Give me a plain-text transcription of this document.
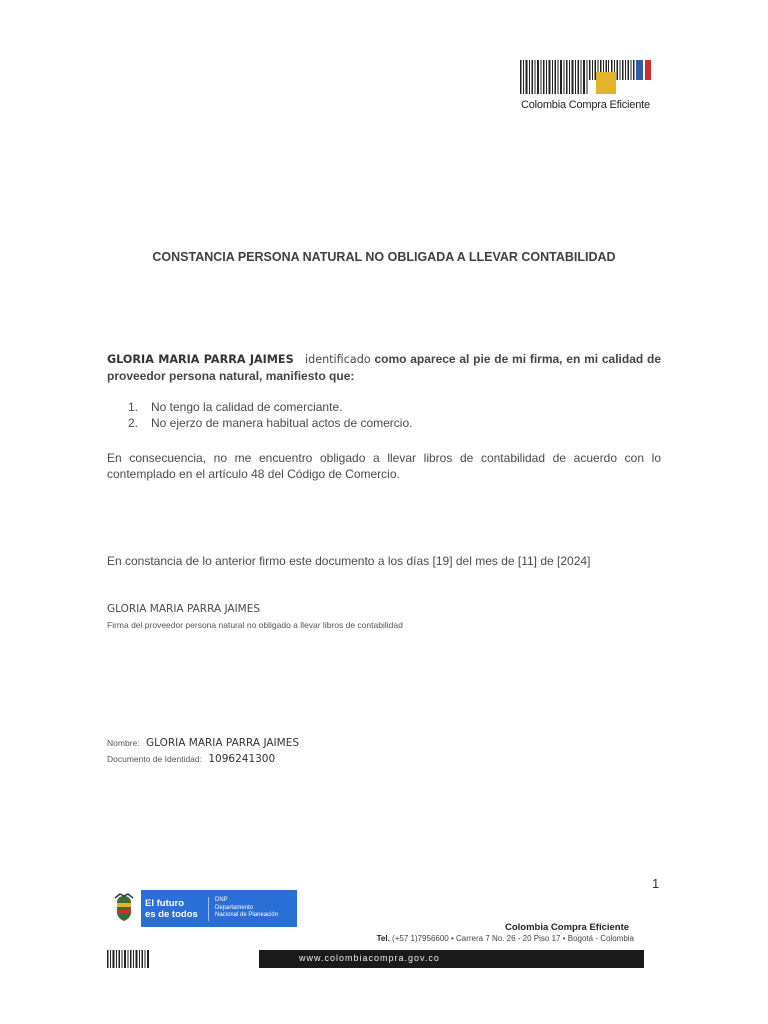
Colombia Compra Eficiente
CONSTANCIA PERSONA NATURAL NO OBLIGADA A LLEVAR CONTABILIDAD
GLORIA MARIA PARRA JAIMES identificado como aparece al pie de mi firma, en mi calidad de proveedor persona natural, manifiesto que:
1.	No tengo la calidad de comerciante.
2.	No ejerzo de manera habitual actos de comercio.
En consecuencia, no me encuentro obligado a llevar libros de contabilidad de acuerdo con lo contemplado en el artículo 48 del Código de Comercio.
En constancia de lo anterior firmo este documento a los días [19] del mes de [11] de [2024]
GLORIA MARIA PARRA JAIMES
Firma del proveedor persona natural no obligado a llevar libros de contabilidad
Nombre: GLORIA MARIA PARRA JAIMES
Documento de Identidad: 1096241300
1
El futuro
es de todos
DNP
Departamento
Nacional de Planeación
Colombia Compra Eficiente
Tel. (+57 1)7956600 • Carrera 7 No. 26 - 20 Piso 17 • Bogotá - Colombia
www.colombiacompra.gov.co
